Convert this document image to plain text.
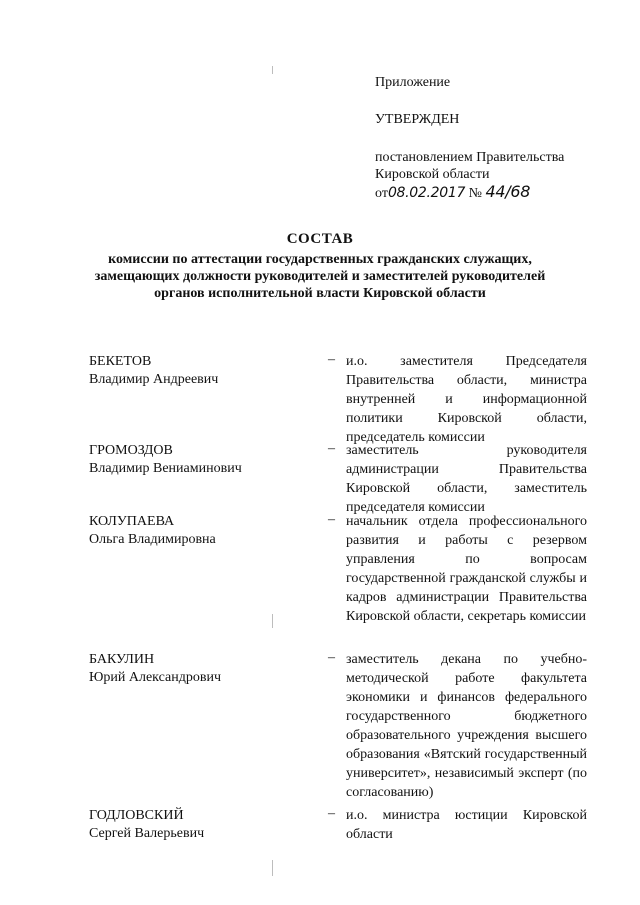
Приложение
УТВЕРЖДЕН
постановлением Правительства
Кировской области
от08.02.2017 № 44/68
СОСТАВ
комиссии по аттестации государственных гражданских служащих,
замещающих должности руководителей и заместителей руководителей
органов исполнительной власти Кировской области
БЕКЕТОВ
Владимир Андреевич
– и.о. заместителя Председателя Правительства области, министра внутренней и информационной политики Кировской области, председатель комиссии
ГРОМОЗДОВ
Владимир Вениаминович
– заместитель руководителя администрации Правительства Кировской области, заместитель председателя комиссии
КОЛУПАЕВА
Ольга Владимировна
– начальник отдела профессионального развития и работы с резервом управления по вопросам государственной гражданской службы и кадров администрации Правительства Кировской области, секретарь комиссии
БАКУЛИН
Юрий Александрович
– заместитель декана по учебно-методической работе факультета экономики и финансов федерального государственного бюджетного образовательного учреждения высшего образования «Вятский государственный университет», независимый эксперт (по согласованию)
ГОДЛОВСКИЙ
Сергей Валерьевич
– и.о. министра юстиции Кировской области
